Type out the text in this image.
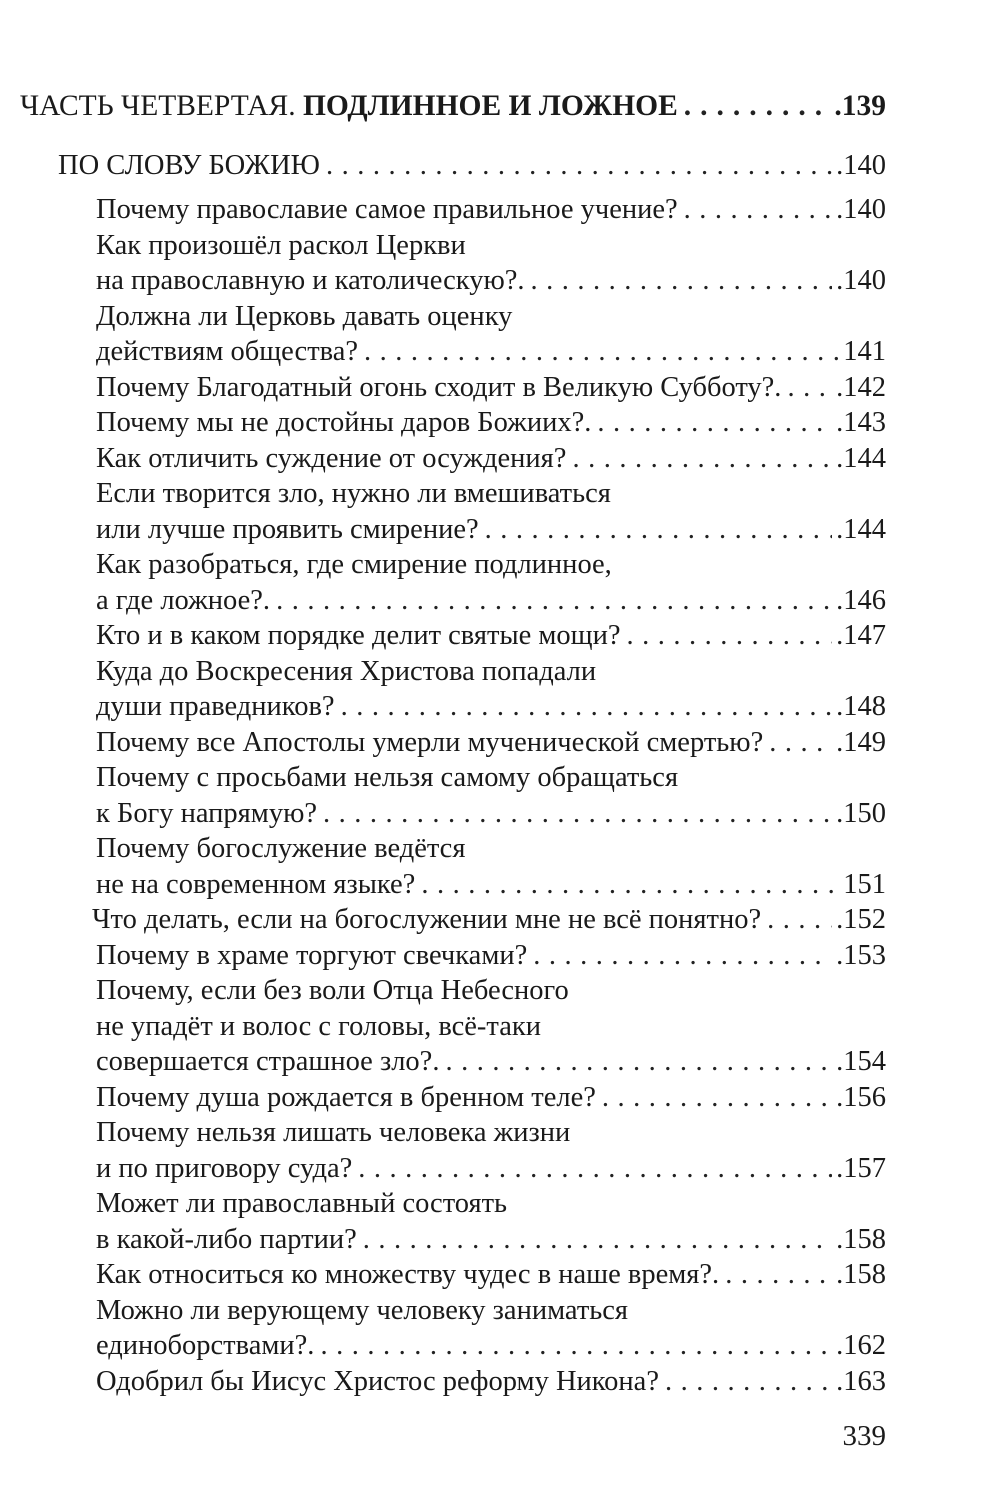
ЧАСТЬ ЧЕТВЕРТАЯ. ПОДЛИННОЕ И ЛОЖНОЕ .....	.139
ПО СЛОВУ БОЖИЮ .....	.140
Почему православие самое правильное учение? .....	.140
Как произошёл раскол Церкви
на православную и католическую?. .....	.140
Должна ли Церковь давать оценку
действиям общества? .....	141
Почему Благодатный огонь сходит в Великую Субботу?. ..... .142
Почему мы не достойны даров Божиих?. .....	.143
Как отличить суждение от осуждения? .....	.144
Если творится зло, нужно ли вмешиваться
или лучше проявить смирение? .....	.144
Как разобраться, где смирение подлинное,
а где ложное?. .....	.146
Кто и в каком порядке делит святые мощи? .....	.147
Куда до Воскресения Христова попадали
души праведников? .....	.148
Почему все Апостолы умерли мученической смертью? .....	.149
Почему с просьбами нельзя самому обращаться
к Богу напрямую? .....	.150
Почему богослужение ведётся
не на современном языке? .....	151
Что делать, если на богослужении мне не всё понятно? .....	.152
Почему в храме торгуют свечками? .....	.153
Почему, если без воли Отца Небесного
не упадёт и волос с головы, всё-таки
совершается страшное зло?. .....	.154
Почему душа рождается в бренном теле? .....	.156
Почему нельзя лишать человека жизни
и по приговору суда? .....	.157
Может ли православный состоять
в какой-либо партии? .....	.158
Как относиться ко множеству чудес в наше время?. .....	.158
Можно ли верующему человеку заниматься
единоборствами?. .....	.162
Одобрил бы Иисус Христос реформу Никона? .....	.163
339
